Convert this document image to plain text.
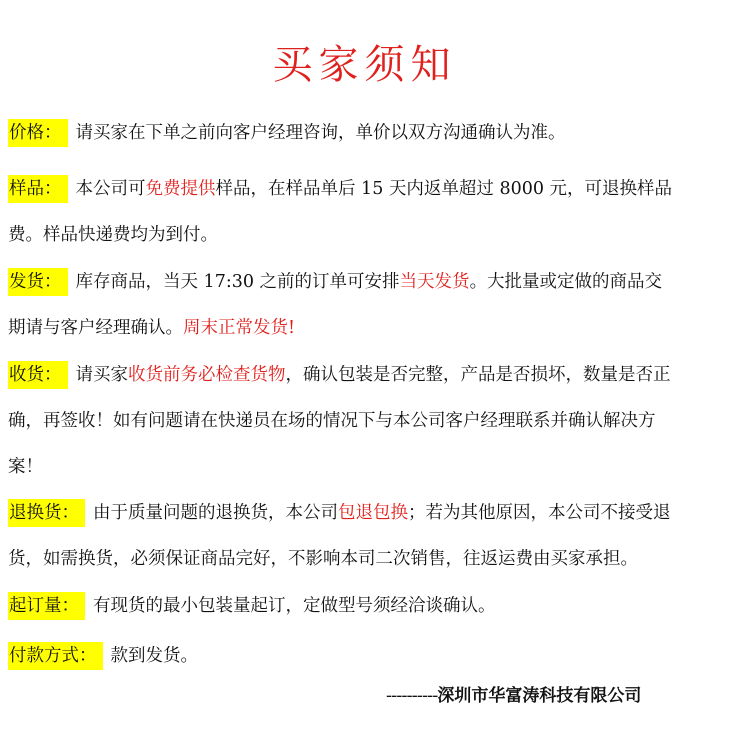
买家须知
价格： 请买家在下单之前向客户经理咨询，单价以双方沟通确认为准。
样品： 本公司可免费提供样品，在样品单后 15 天内返单超过 8000 元，可退换样品费。样品快递费均为到付。
发货： 库存商品，当天 17:30 之前的订单可安排当天发货。大批量或定做的商品交期请与客户经理确认。周末正常发货!
收货： 请买家收货前务必检查货物，确认包装是否完整，产品是否损坏，数量是否正确，再签收！如有问题请在快递员在场的情况下与本公司客户经理联系并确认解决方案！
退换货： 由于质量问题的退换货，本公司包退包换；若为其他原因，本公司不接受退货，如需换货，必须保证商品完好，不影响本司二次销售，往返运费由买家承担。
起订量： 有现货的最小包装量起订，定做型号须经洽谈确认。
付款方式： 款到发货。
----------深圳市华富涛科技有限公司
